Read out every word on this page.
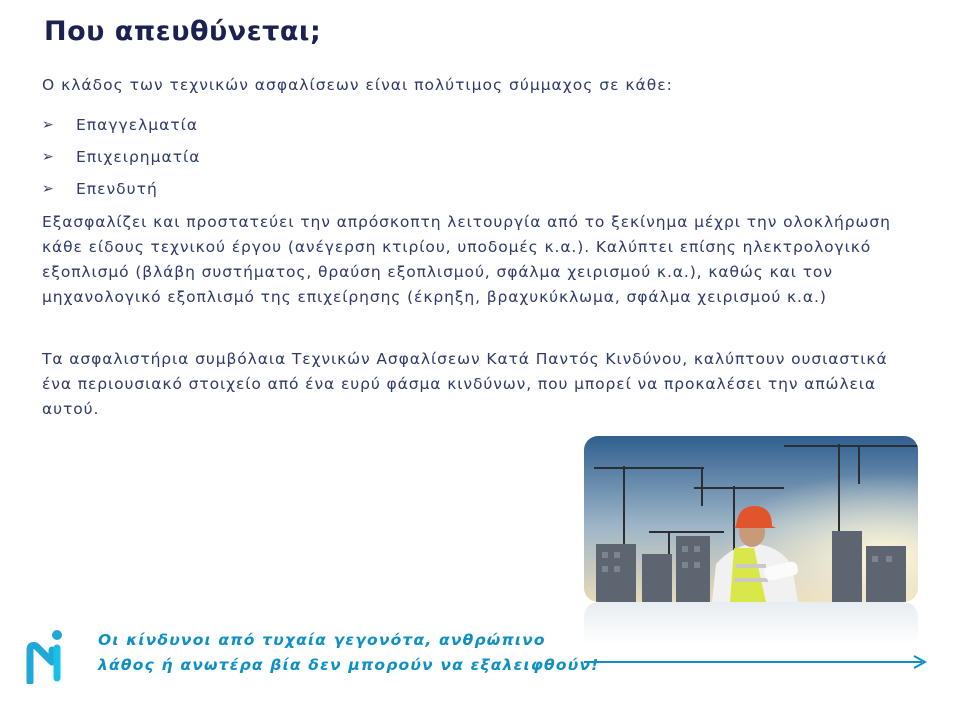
Που απευθύνεται;
Ο κλάδος των τεχνικών ασφαλίσεων είναι πολύτιμος σύμμαχος σε κάθε:
➢	Επαγγελματία
➢	Επιχειρηματία
➢	Επενδυτή

Εξασφαλίζει και προστατεύει την απρόσκοπτη λειτουργία από το ξεκίνημα μέχρι την ολοκλήρωση κάθε είδους τεχνικού έργου (ανέγερση κτιρίου, υποδομές κ.α.). Καλύπτει επίσης ηλεκτρολογικό εξοπλισμό (βλάβη συστήματος, θραύση εξοπλισμού, σφάλμα χειρισμού κ.α.), καθώς και τον μηχανολογικό εξοπλισμό της επιχείρησης (έκρηξη, βραχυκύκλωμα, σφάλμα χειρισμού κ.α.)

Τα ασφαλιστήρια συμβόλαια Τεχνικών Ασφαλίσεων Κατά Παντός Κινδύνου, καλύπτουν ουσιαστικά ένα περιουσιακό στοιχείο από ένα ευρύ φάσμα κινδύνων, που μπορεί να προκαλέσει την απώλεια αυτού.

Οι κίνδυνοι από τυχαία γεγονότα, ανθρώπινο
λάθος ή ανωτέρα βία δεν μπορούν να εξαλειφθούν!
